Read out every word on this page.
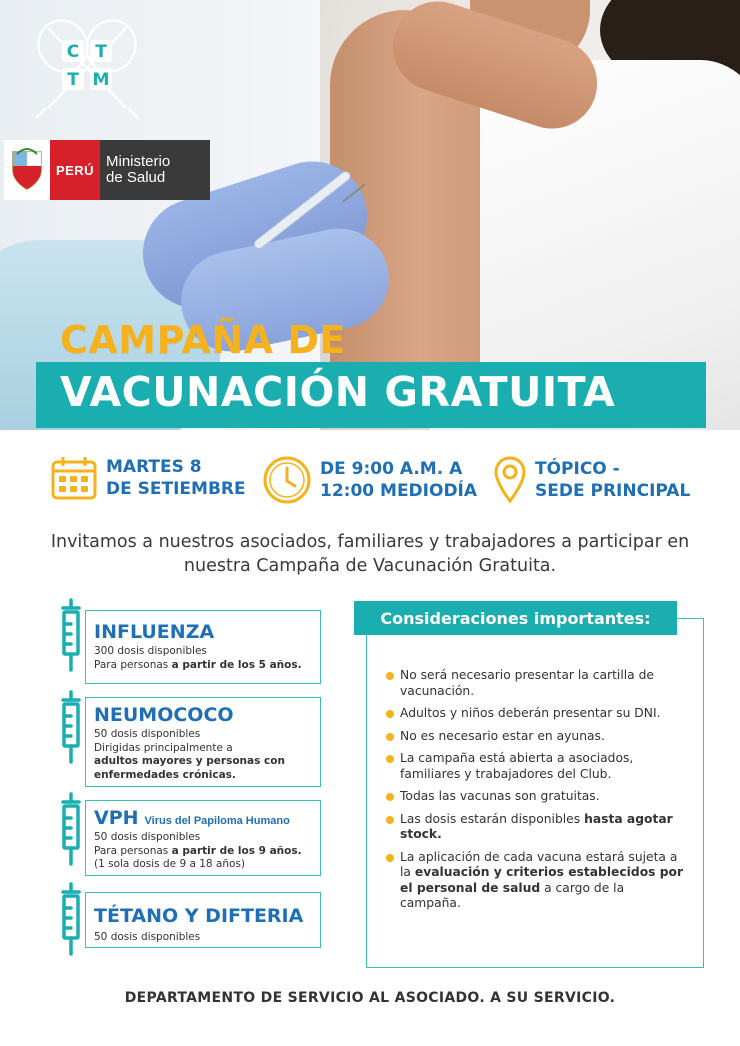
C T
T M
PERÚ Ministerio
de Salud
CAMPAÑA DE
VACUNACIÓN GRATUITA
MARTES 8
DE SETIEMBRE
DE 9:00 A.M. A
12:00 MEDIODÍA
TÓPICO -
SEDE PRINCIPAL
Invitamos a nuestros asociados, familiares y trabajadores a participar en
nuestra Campaña de Vacunación Gratuita.
INFLUENZA
300 dosis disponibles
Para personas a partir de los 5 años.
NEUMOCOCO
50 dosis disponibles
Dirigidas principalmente a
adultos mayores y personas con
enfermedades crónicas.
VPH Virus del Papiloma Humano
50 dosis disponibles
Para personas a partir de los 9 años.
(1 sola dosis de 9 a 18 años)
TÉTANO Y DIFTERIA
50 dosis disponibles
Consideraciones importantes:
No será necesario presentar la cartilla de vacunación.
Adultos y niños deberán presentar su DNI.
No es necesario estar en ayunas.
La campaña está abierta a asociados, familiares y trabajadores del Club.
Todas las vacunas son gratuitas.
Las dosis estarán disponibles hasta agotar stock.
La aplicación de cada vacuna estará sujeta a la evaluación y criterios establecidos por el personal de salud a cargo de la campaña.
DEPARTAMENTO DE SERVICIO AL ASOCIADO. A SU SERVICIO.
